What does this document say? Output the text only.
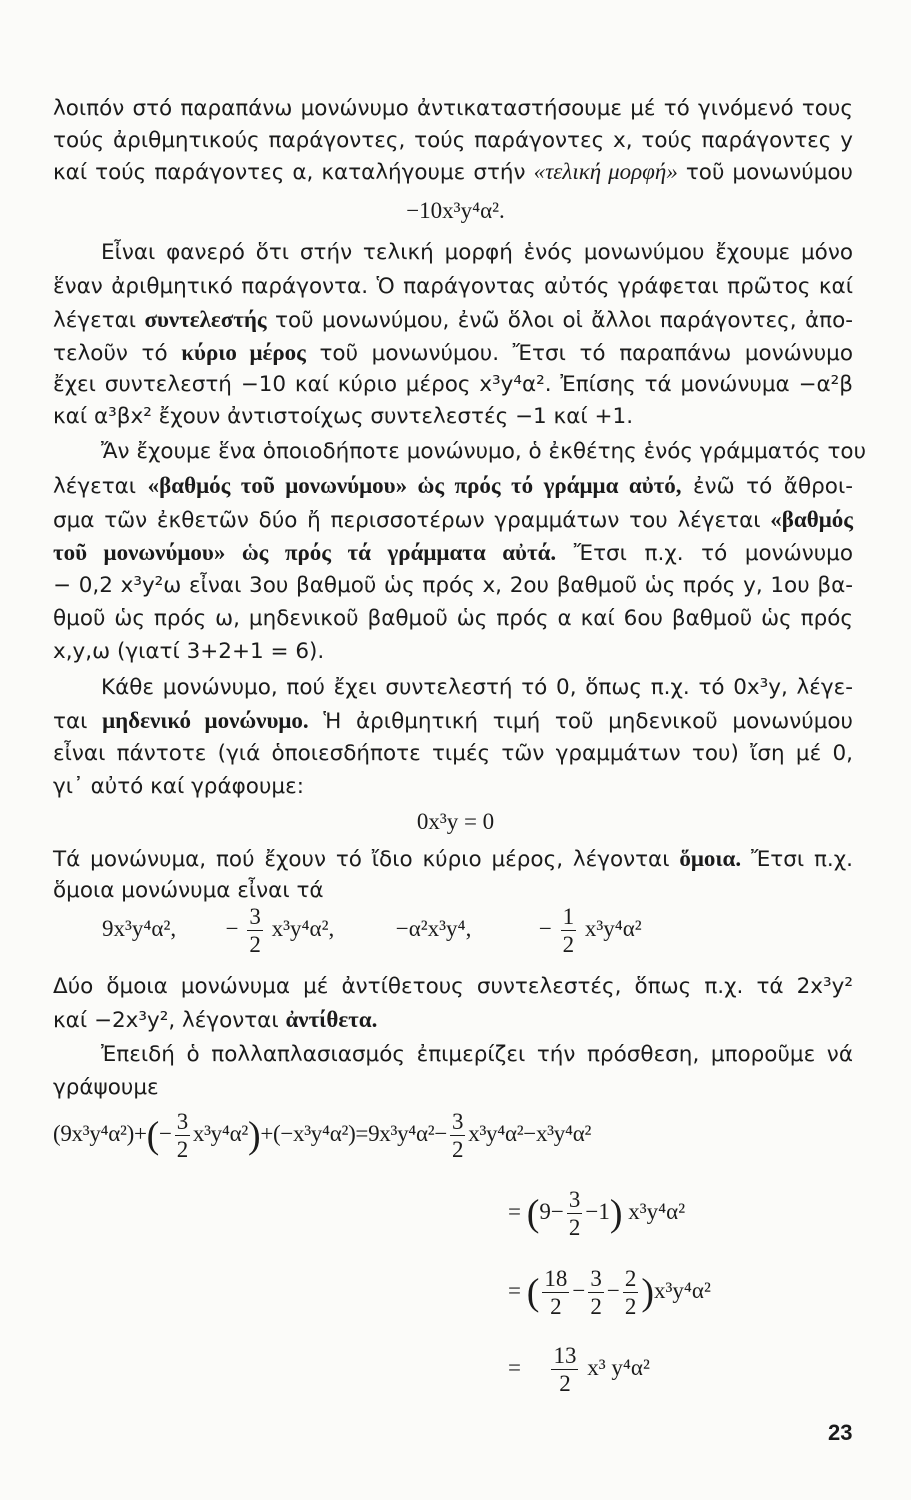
λοιπόν στό παραπάνω μονώνυμο ἀντικαταστήσουμε μέ τό γινόμενό τους
τούς ἀριθμητικούς παράγοντες, τούς παράγοντες x, τούς παράγοντες y
καί τούς παράγοντες α, καταλήγουμε στήν «τελική μορφή» τοῦ μονωνύμου
−10x³y⁴α².
Εἶναι φανερό ὅτι στήν τελική μορφή ἑνός μονωνύμου ἔχουμε μόνο
ἕναν ἀριθμητικό παράγοντα. Ὁ παράγοντας αὐτός γράφεται πρῶτος καί
λέγεται συντελεστής τοῦ μονωνύμου, ἐνῶ ὅλοι οἱ ἄλλοι παράγοντες, ἀπο-
τελοῦν τό κύριο μέρος τοῦ μονωνύμου. Ἔτσι τό παραπάνω μονώνυμο
ἔχει συντελεστή −10 καί κύριο μέρος x³y⁴α². Ἐπίσης τά μονώνυμα −α²β
καί α³βx² ἔχουν ἀντιστοίχως συντελεστές −1 καί +1.
Ἄν ἔχουμε ἕνα ὁποιοδήποτε μονώνυμο, ὁ ἐκθέτης ἑνός γράμματός του
λέγεται «βαθμός τοῦ μονωνύμου» ὡς πρός τό γράμμα αὐτό, ἐνῶ τό ἄθροι-
σμα τῶν ἐκθετῶν δύο ἤ περισσοτέρων γραμμάτων του λέγεται «βαθμός
τοῦ μονωνύμου» ὡς πρός τά γράμματα αὐτά. Ἔτσι π.χ. τό μονώνυμο
− 0,2 x³y²ω εἶναι 3ου βαθμοῦ ὡς πρός x, 2ου βαθμοῦ ὡς πρός y, 1ου βα-
θμοῦ ὡς πρός ω, μηδενικοῦ βαθμοῦ ὡς πρός α καί 6ου βαθμοῦ ὡς πρός
x,y,ω (γιατί 3+2+1 = 6).
Κάθε μονώνυμο, πού ἔχει συντελεστή τό 0, ὅπως π.χ. τό 0x³y, λέγε-
ται μηδενικό μονώνυμο. Ἡ ἀριθμητική τιμή τοῦ μηδενικοῦ μονωνύμου
εἶναι πάντοτε (γιά ὁποιεσδήποτε τιμές τῶν γραμμάτων του) ἴση μέ 0,
γι᾽ αὐτό καί γράφουμε:
0x³y = 0
Τά μονώνυμα, πού ἔχουν τό ἴδιο κύριο μέρος, λέγονται ὅμοια. Ἔτσι π.χ.
ὅμοια μονώνυμα εἶναι τά
9x³y⁴α², − $\frac{3}{2} x^3y^4\alpha^2$,	−α²x³y⁴,	− $\frac{1}{2} x^3y^4\alpha^2$
Δύο ὅμοια μονώνυμα μέ ἀντίθετους συντελεστές, ὅπως π.χ. τά 2x³y²
καί −2x³y², λέγονται ἀντίθετα.
Ἐπειδή ὁ πολλαπλασιασμός ἐπιμερίζει τήν πρόσθεση, μποροῦμε νά
γράψουμε
$(9x^3y^4\alpha^2)+(- \frac{3}{2} x^3y^4\alpha^2)+(-x^3y^4\alpha^2)=9x^3y^4\alpha^2- \frac{3}{2} x^3y^4\alpha^2-x^3y^4\alpha^2$
= $(9- \frac{3}{2} -1)$ x³y⁴α²
= ( $\frac{18}{2} - \frac{3}{2} - \frac{2}{2} )x^3y^4\alpha^2$
= $\frac{13}{2} x^3$ y⁴α²
23
